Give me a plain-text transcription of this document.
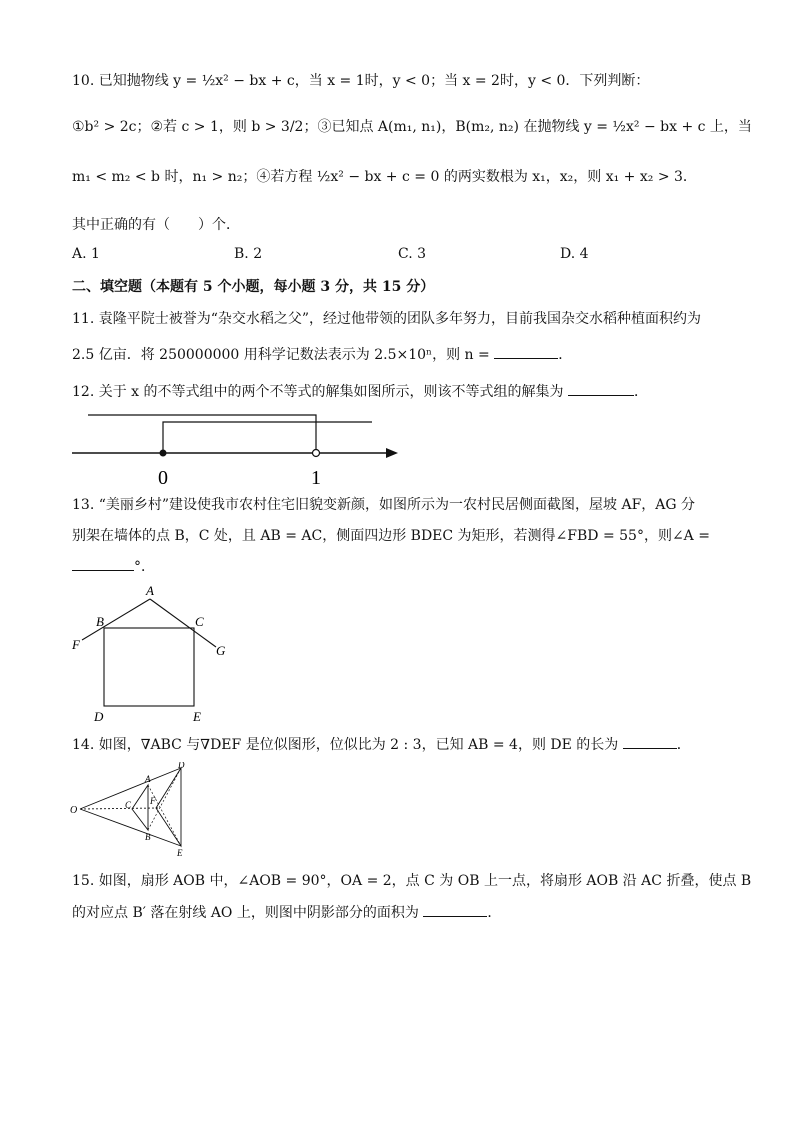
10. 已知抛物线 y = ½x² − bx + c，当 x = 1时，y < 0；当 x = 2时，y < 0．下列判断：
①b² > 2c；②若 c > 1，则 b > 3/2；③已知点 A(m₁, n₁)，B(m₂, n₂) 在抛物线 y = ½x² − bx + c 上，当
m₁ < m₂ < b 时，n₁ > n₂；④若方程 ½x² − bx + c = 0 的两实数根为 x₁，x₂，则 x₁ + x₂ > 3．
其中正确的有（　　）个．
A. 1	B. 2	C. 3	D. 4
二、填空题（本题有 5 个小题，每小题 3 分，共 15 分）
11. 袁隆平院士被誉为“杂交水稻之父”，经过他带领的团队多年努力，目前我国杂交水稻种植面积约为
2.5 亿亩．将 250000000 用科学记数法表示为 2.5×10ⁿ，则 n =	．
12. 关于 x 的不等式组中的两个不等式的解集如图所示，则该不等式组的解集为	．
0	1
13. “美丽乡村”建设使我市农村住宅旧貌变新颜，如图所示为一农村民居侧面截图，屋坡 AF，AG 分
别架在墙体的点 B，C 处，且 AB = AC，侧面四边形 BDEC 为矩形，若测得∠FBD = 55°，则∠A =
°．
A
B	C
F	G
D	E
14. 如图，∇ABC 与∇DEF 是位似图形，位似比为 2 : 3，已知 AB = 4，则 DE 的长为	．
O
A
B
C
D
E
F
15. 如图，扇形 AOB 中，∠AOB = 90°，OA = 2，点 C 为 OB 上一点，将扇形 AOB 沿 AC 折叠，使点 B
的对应点 B′ 落在射线 AO 上，则图中阴影部分的面积为	．
